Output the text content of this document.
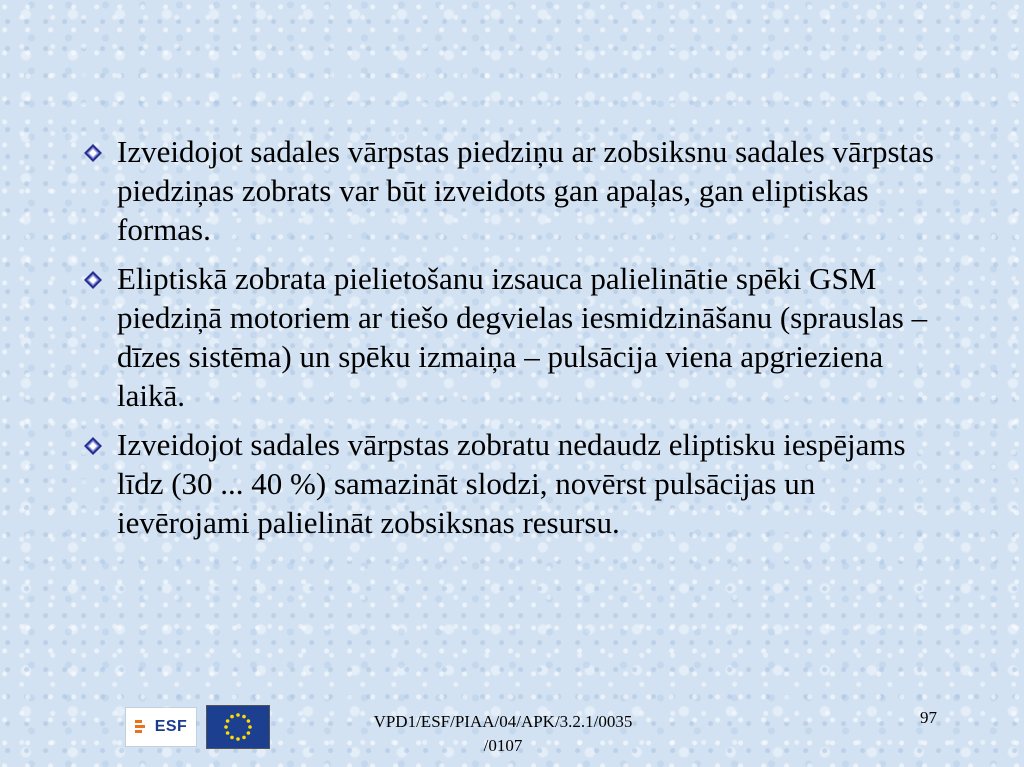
Izveidojot sadales vārpstas piedziņu ar zobsiksnu sadales vārpstas piedziņas zobrats var būt izveidots gan apaļas, gan eliptiskas formas.
Eliptiskā zobrata pielietošanu izsauca palielinātie spēki GSM piedziņā motoriem ar tiešo degvielas iesmidzināšanu (sprauslas – dīzes sistēma) un spēku izmaiņa – pulsācija viena apgrieziena laikā.
Izveidojot sadales vārpstas zobratu nedaudz eliptisku iespējams līdz (30 ... 40 %) samazināt slodzi, novērst pulsācijas un ievērojami palielināt zobsiksnas resursu.
ESF	VPD1/ESF/PIAA/04/APK/3.2.1/0035
/0107
97
